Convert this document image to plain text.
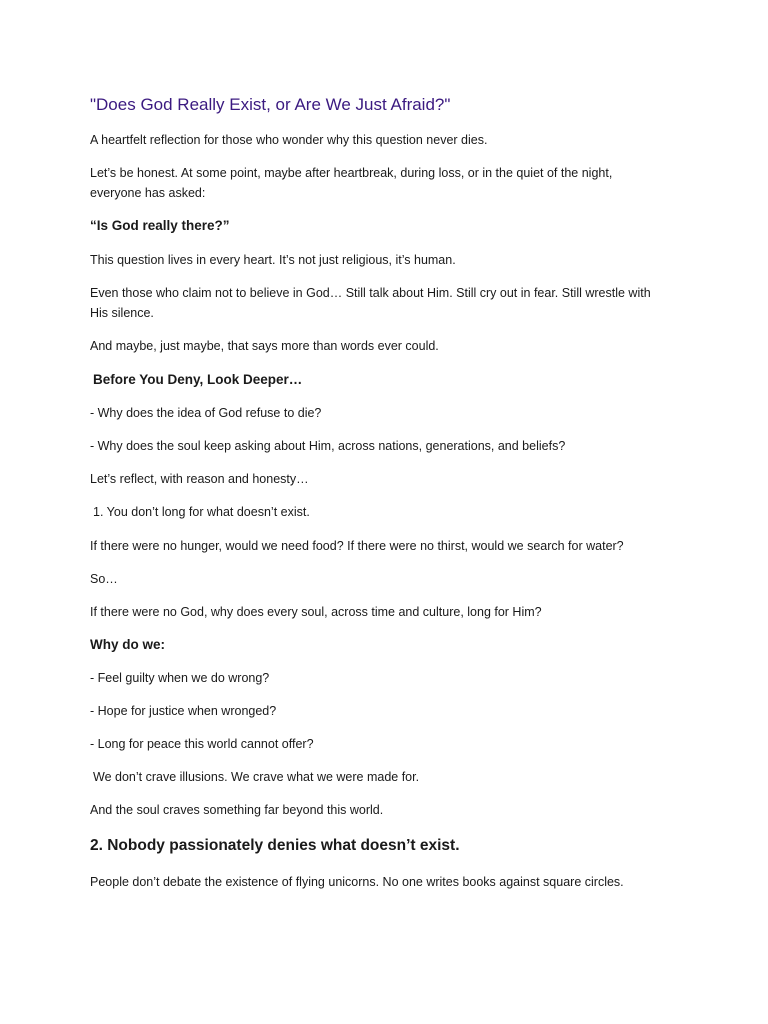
"Does God Really Exist, or Are We Just Afraid?"

A heartfelt reflection for those who wonder why this question never dies.

Let’s be honest. At some point, maybe after heartbreak, during loss, or in the quiet of the night,

everyone has asked:

“Is God really there?”

This question lives in every heart. It’s not just religious, it’s human.

Even those who claim not to believe in God… Still talk about Him. Still cry out in fear. Still wrestle with

His silence.

And maybe, just maybe, that says more than words ever could.

Before You Deny, Look Deeper…

- Why does the idea of God refuse to die?

- Why does the soul keep asking about Him, across nations, generations, and beliefs?

Let’s reflect, with reason and honesty…

1. You don’t long for what doesn’t exist.

If there were no hunger, would we need food? If there were no thirst, would we search for water?

So…

If there were no God, why does every soul, across time and culture, long for Him?

Why do we:

- Feel guilty when we do wrong?

- Hope for justice when wronged?

- Long for peace this world cannot offer?

We don’t crave illusions. We crave what we were made for.

And the soul craves something far beyond this world.

2. Nobody passionately denies what doesn’t exist.

People don’t debate the existence of flying unicorns. No one writes books against square circles.
